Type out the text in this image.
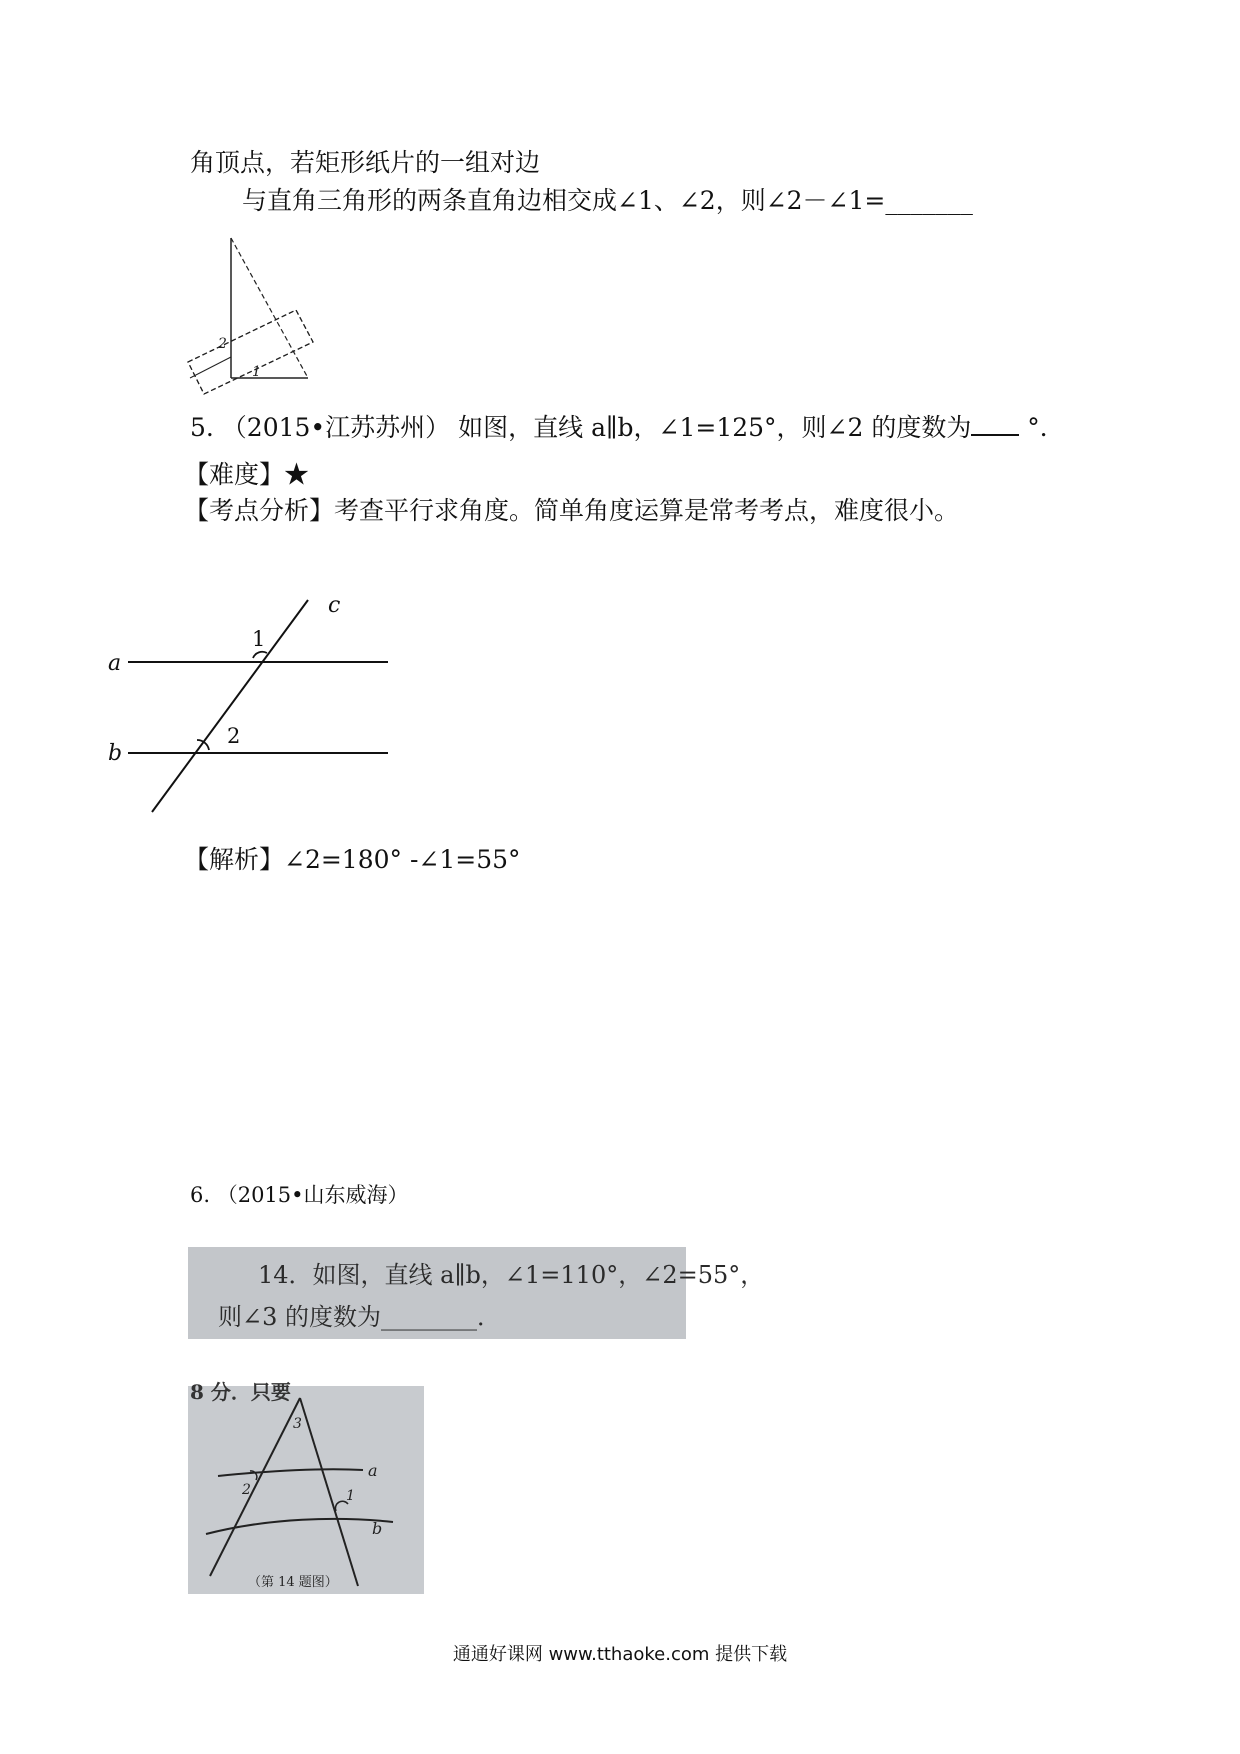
角顶点，若矩形纸片的一组对边
与直角三角形的两条直角边相交成∠1、∠2，则∠2－∠1=_______
2
1
5. （2015•江苏苏州） 如图，直线 a∥b，∠1=125°，则∠2 的度数为 °．
【难度】★
【考点分析】考查平行求角度。简单角度运算是常考考点，难度很小。
a
b
c
1
2
【解析】∠2=180° -∠1=55°
6. （2015•山东威海）
14．如图，直线 a∥b，∠1=110°，∠2=55°，
则∠3 的度数为________．
8 分．只要
3
2	1
a
b
（第 14 题图）
通通好课网 www.tthaoke.com 提供下载
